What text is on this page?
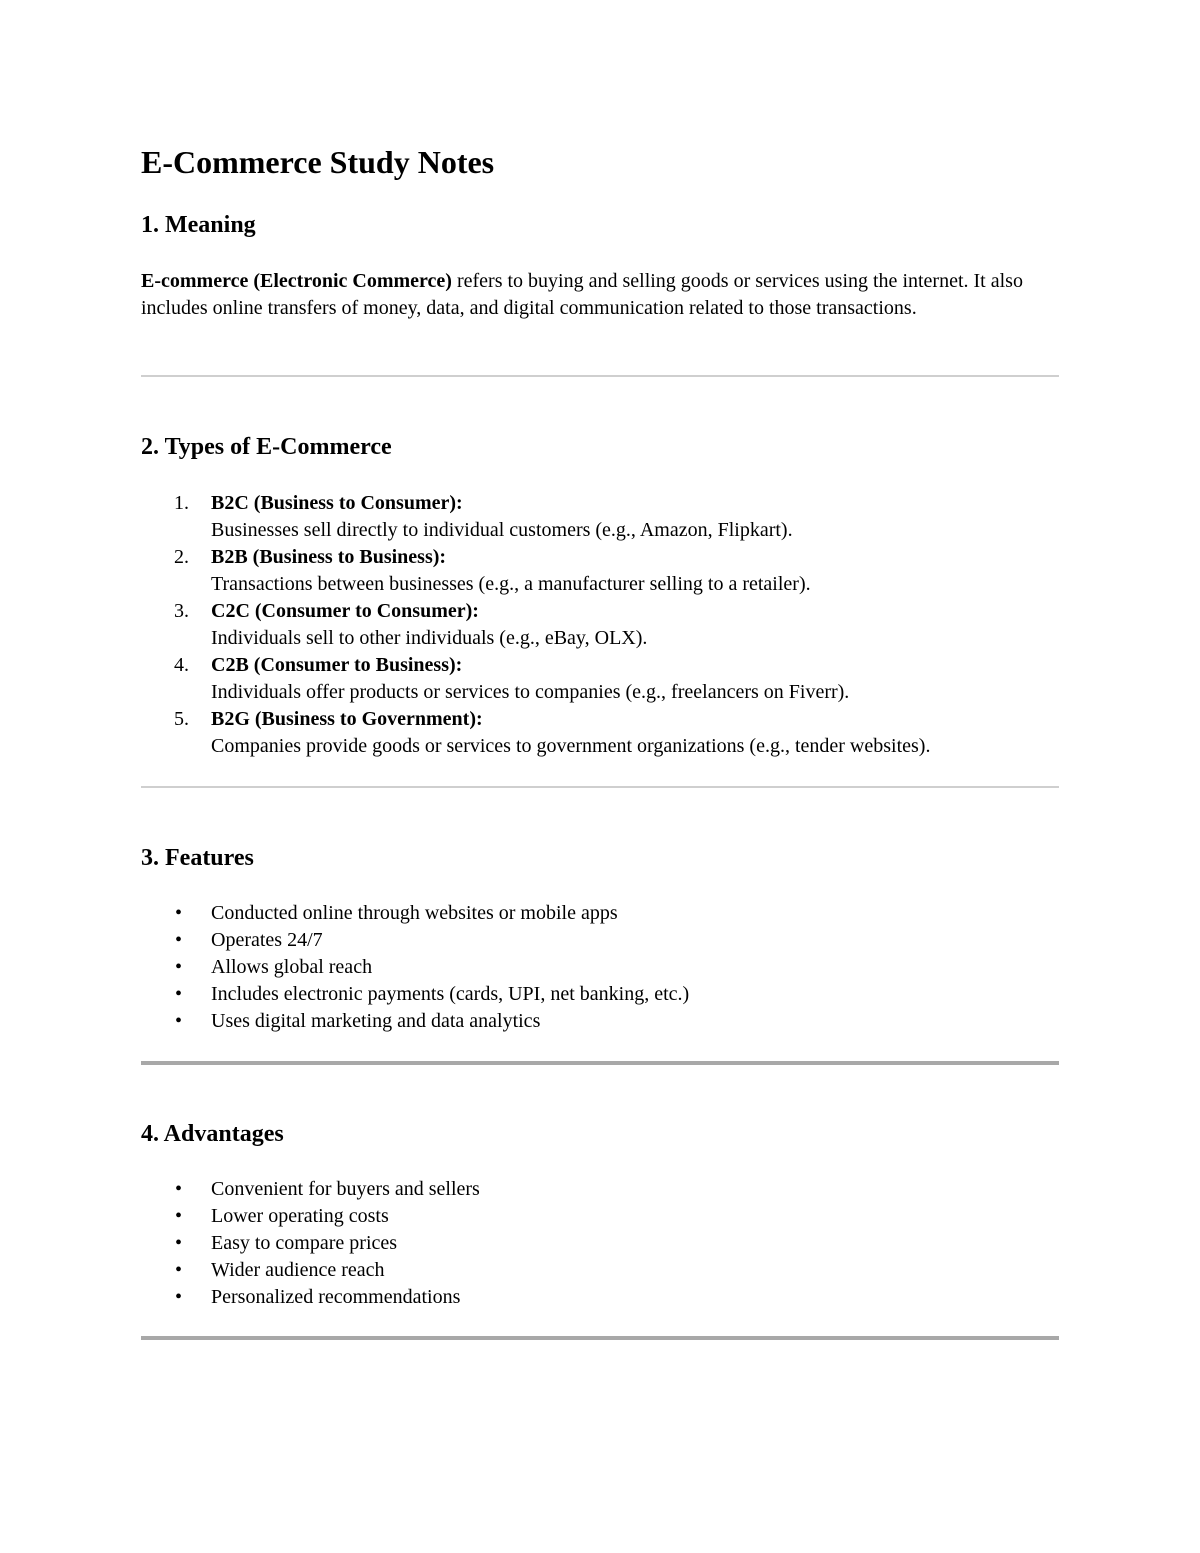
E-Commerce Study Notes
1. Meaning

E-commerce (Electronic Commerce) refers to buying and selling goods or services using the internet. It also includes online transfers of money, data, and digital communication related to those transactions.

2. Types of E-Commerce
1. B2C (Business to Consumer):
Businesses sell directly to individual customers (e.g., Amazon, Flipkart).
2. B2B (Business to Business):
Transactions between businesses (e.g., a manufacturer selling to a retailer).
3. C2C (Consumer to Consumer):
Individuals sell to other individuals (e.g., eBay, OLX).
4. C2B (Consumer to Business):
Individuals offer products or services to companies (e.g., freelancers on Fiverr).
5. B2G (Business to Government):
Companies provide goods or services to government organizations (e.g., tender websites).
3. Features
• Conducted online through websites or mobile apps
• Operates 24/7
• Allows global reach
• Includes electronic payments (cards, UPI, net banking, etc.)
• Uses digital marketing and data analytics
4. Advantages
• Convenient for buyers and sellers
• Lower operating costs
• Easy to compare prices
• Wider audience reach
• Personalized recommendations
